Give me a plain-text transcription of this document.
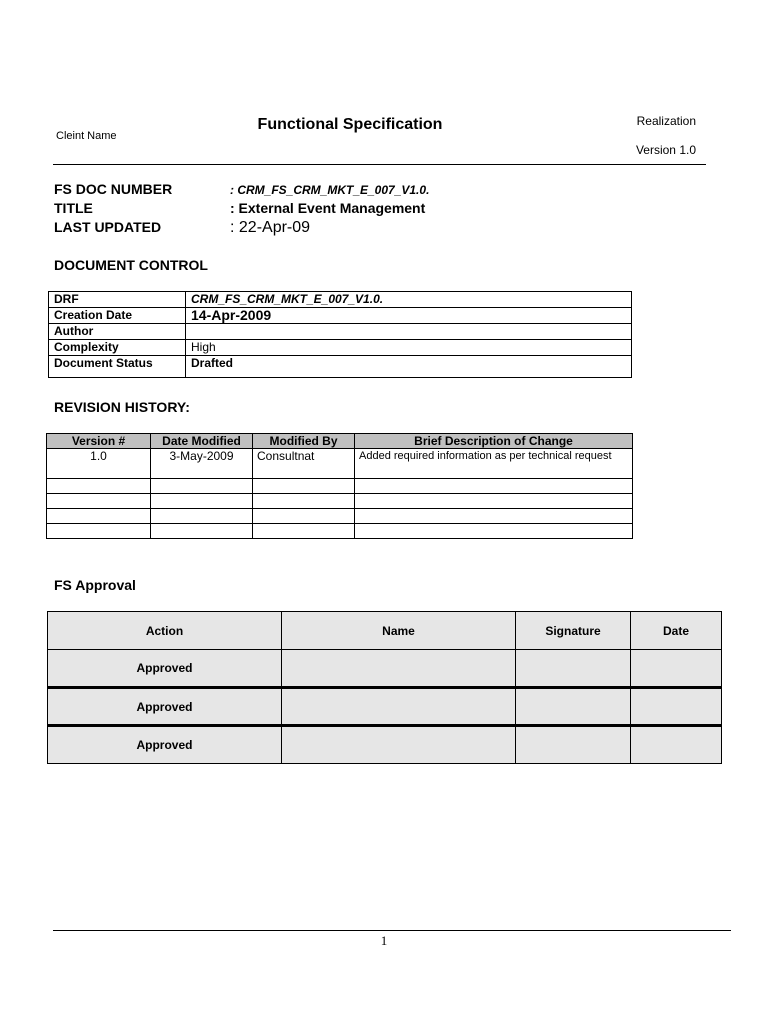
Cleint Name
Functional Specification	Realization
Version 1.0
FS DOC NUMBER	: CRM_FS_CRM_MKT_E_007_V1.0.
TITLE	: External Event Management
LAST UPDATED	: 22-Apr-09
DOCUMENT CONTROL
DRF	CRM_FS_CRM_MKT_E_007_V1.0.
Creation Date	14-Apr-2009
Author	
Complexity	High
Document Status	Drafted
REVISION HISTORY:
Version #	Date Modified	Modified By	Brief Description of Change
1.0	3-May-2009	Consultnat	Added required information as per technical request

FS Approval
Action	Name	Signature	Date
Approved			
Approved			
Approved			
1
